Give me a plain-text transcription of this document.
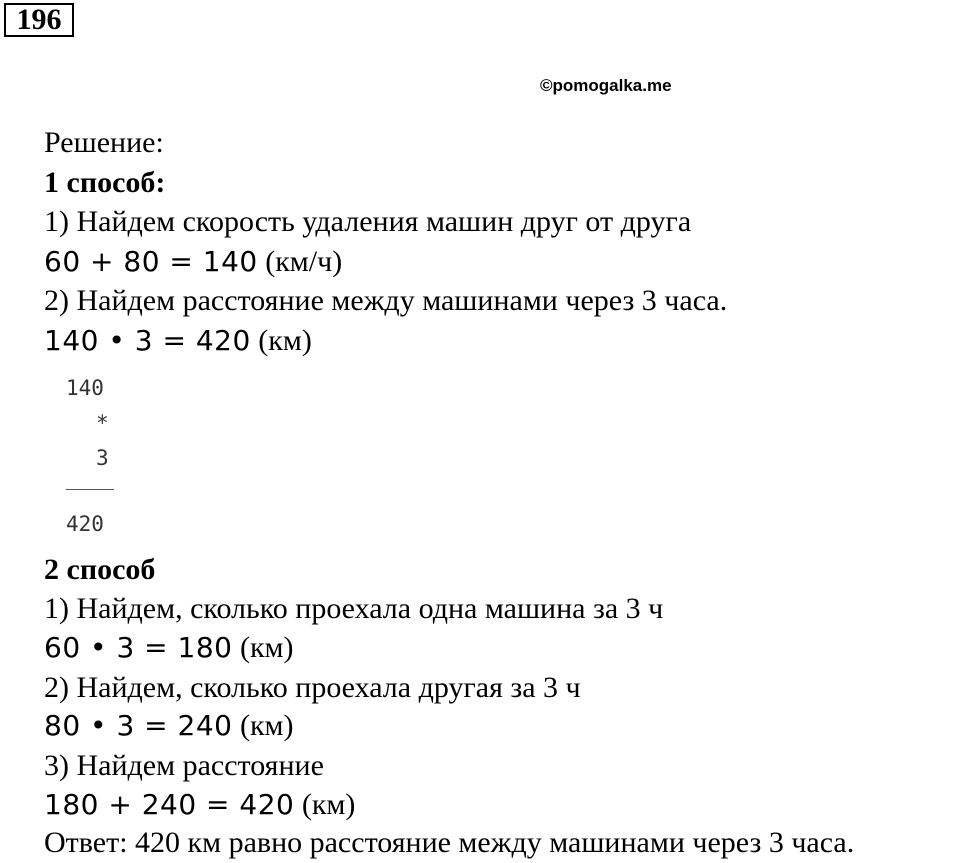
196
©pomogalka.me
Решение:
1 способ:
1) Найдем скорость удаления машин друг от друга
60 + 80 = 140 (км/ч)
2) Найдем расстояние между машинами через 3 часа.
140 • 3 = 420 (км)
140
*
3
420
2 способ
1) Найдем, сколько проехала одна машина за 3 ч
60 • 3 = 180 (км)
2) Найдем, сколько проехала другая за 3 ч
80 • 3 = 240 (км)
3) Найдем расстояние
180 + 240 = 420 (км)
Ответ: 420 км равно расстояние между машинами через 3 часа.
